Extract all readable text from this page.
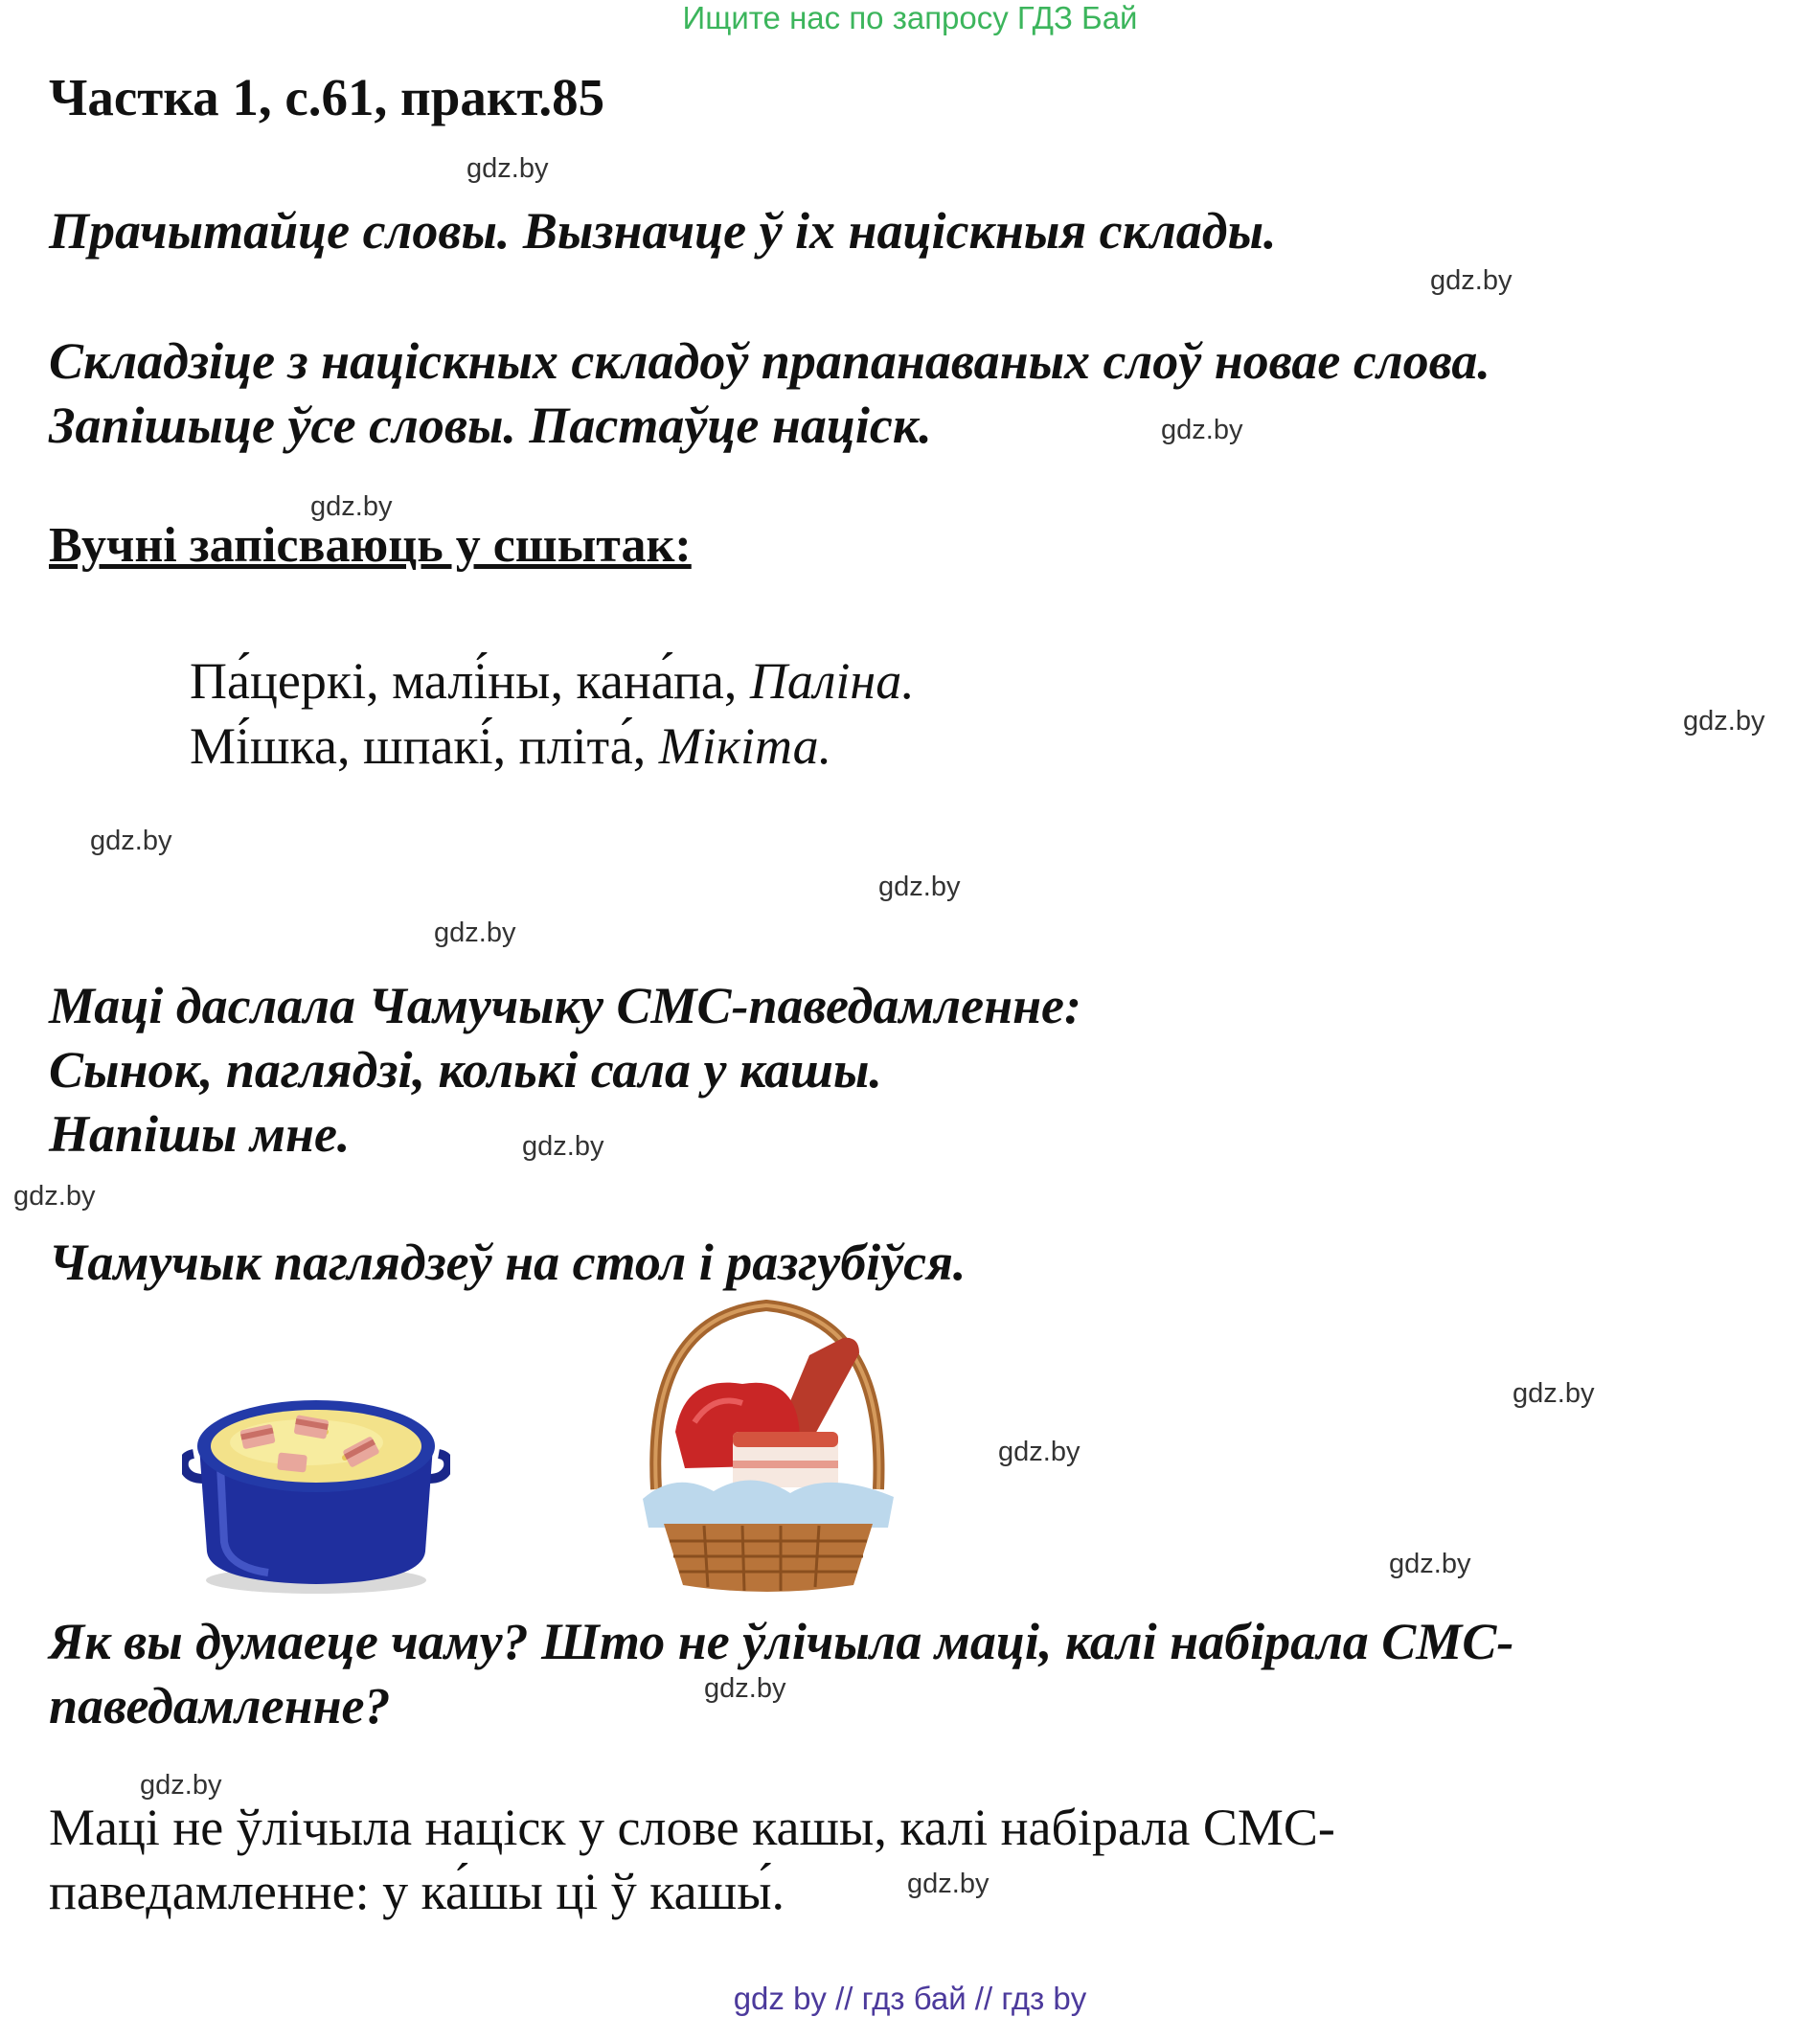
Ищите нас по запросу ГДЗ Бай
Частка 1, с.61, практ.85
gdz.by
Прачытайце словы. Вызначце ў іх націскныя склады.
gdz.by
Складзіце з націскных складоў прапанаваных слоў новае слова.
Запішыце ўсе словы. Пастаўце націск.	gdz.by
gdz.by
Вучні запісваюць у сшытак:
Па́церкі, малі́ны, кана́па, Паліна.
Мі́шка, шпакі́, пліта́, Мікіта.	gdz.by
gdz.by
gdz.by
gdz.by
Маці даслала Чамучыку СМС-паведамленне:
Сынок, паглядзі, колькі сала у кашы.
Напішы мне.	gdz.by
gdz.by
Чамучык паглядзеў на стол і разгубіўся.
gdz.by
gdz.by
gdz.by
Як вы думаеце чаму? Што не ўлічыла маці, калі набірала СМС-
паведамленне?	gdz.by
gdz.by
Маці не ўлічыла націск у слове кашы, калі набірала СМС-
паведамленне: у ка́шы ці ў кашы́.	gdz.by
gdz by // гдз бай // гдз by
